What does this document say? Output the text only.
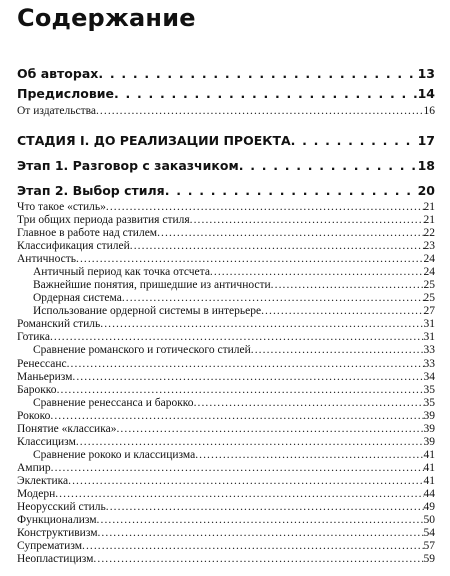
Содержание
Об авторах . . .	13
Предисловие . . .	14
От издательства . . .	16
СТАДИЯ I. ДО РЕАЛИЗАЦИИ ПРОЕКТА . . .	17
Этап 1. Разговор с заказчиком . . .	18
Этап 2. Выбор стиля . . .	20
Что такое «стиль» . . .	21
Три общих периода развития стиля . . .	21
Главное в работе над стилем . . .	22
Классификация стилей . . .	23
Античность . . .	24
Античный период как точка отсчета . . .	24
Важнейшие понятия, пришедшие из античности . . .	25
Ордерная система . . .	25
Использование ордерной системы в интерьере . . .	27
Романский стиль . . .	31
Готика . . .	31
Сравнение романского и готического стилей . . .	33
Ренессанс . . .	33
Маньеризм . . .	34
Барокко . . .	35
Сравнение ренессанса и барокко . . .	35
Рококо . . .	39
Понятие «классика» . . .	39
Классицизм . . .	39
Сравнение рококо и классицизма . . .	41
Ампир . . .	41
Эклектика . . .	41
Модерн . . .	44
Неорусский стиль . . .	49
Функционализм . . .	50
Конструктивизм . . .	54
Супрематизм . . .	57
Неопластицизм . . .	59
